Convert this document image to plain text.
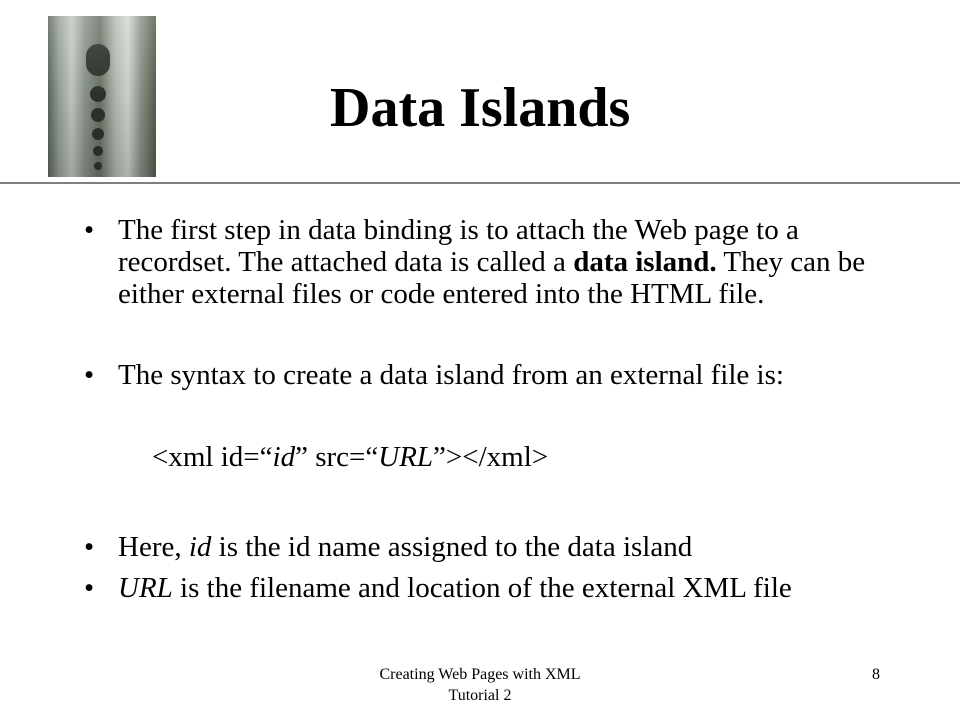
Data Islands
• The first step in data binding is to attach the Web page to a recordset. The attached data is called a data island. They can be either external files or code entered into the HTML file.
• The syntax to create a data island from an external file is:
<xml id=“id” src=“URL”></xml>
• Here, id is the id name assigned to the data island
• URL is the filename and location of the external XML file
Creating Web Pages with XML
Tutorial 2
8
